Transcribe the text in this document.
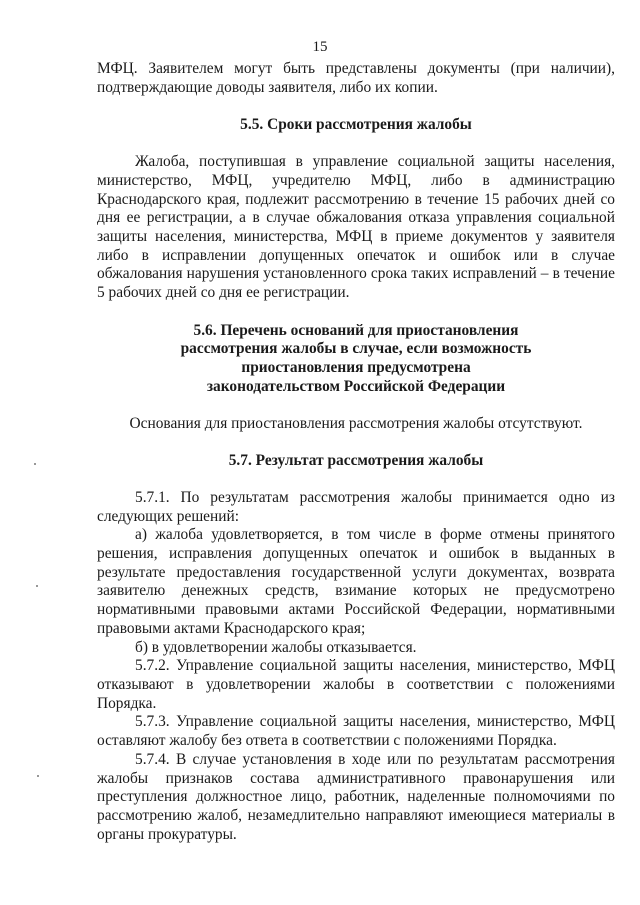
15

МФЦ. Заявителем могут быть представлены документы (при наличии), подтверждающие доводы заявителя, либо их копии.

5.5. Сроки рассмотрения жалобы

Жалоба, поступившая в управление социальной защиты населения, министерство, МФЦ, учредителю МФЦ, либо в администрацию Краснодарского края, подлежит рассмотрению в течение 15 рабочих дней со дня ее регистрации, а в случае обжалования отказа управления социальной защиты населения, министерства, МФЦ в приеме документов у заявителя либо в исправлении допущенных опечаток и ошибок или в случае обжалования нарушения установленного срока таких исправлений – в течение 5 рабочих дней со дня ее регистрации.

5.6. Перечень оснований для приостановления

рассмотрения жалобы в случае, если возможность

приостановления предусмотрена

законодательством Российской Федерации

Основания для приостановления рассмотрения жалобы отсутствуют.

5.7. Результат рассмотрения жалобы

5.7.1. По результатам рассмотрения жалобы принимается одно из следующих решений:

а) жалоба удовлетворяется, в том числе в форме отмены принятого решения, исправления допущенных опечаток и ошибок в выданных в результате предоставления государственной услуги документах, возврата заявителю денежных средств, взимание которых не предусмотрено нормативными правовыми актами Российской Федерации, нормативными правовыми актами Краснодарского края;

б) в удовлетворении жалобы отказывается.

5.7.2. Управление социальной защиты населения, министерство, МФЦ отказывают в удовлетворении жалобы в соответствии с положениями Порядка.

5.7.3. Управление социальной защиты населения, министерство, МФЦ оставляют жалобу без ответа в соответствии с положениями Порядка.

5.7.4. В случае установления в ходе или по результатам рассмотрения жалобы признаков состава административного правонарушения или преступления должностное лицо, работник, наделенные полномочиями по рассмотрению жалоб, незамедлительно направляют имеющиеся материалы в органы прокуратуры.
